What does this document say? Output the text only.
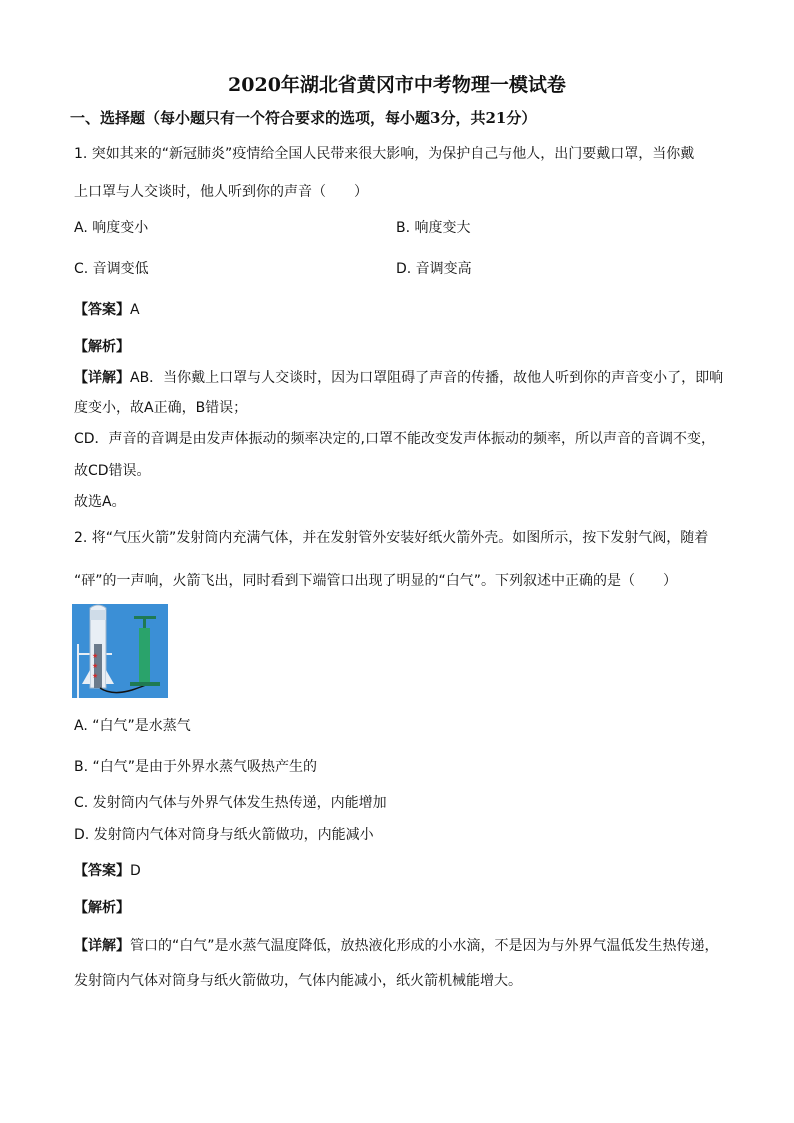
2020年湖北省黄冈市中考物理一模试卷
一、选择题（每小题只有一个符合要求的选项，每小题3分，共21分）
1. 突如其来的“新冠肺炎”疫情给全国人民带来很大影响，为保护自己与他人，出门要戴口罩，当你戴
上口罩与人交谈时，他人听到你的声音（　　）
A. 响度变小	B. 响度变大
C. 音调变低	D. 音调变高
【答案】A
【解析】
【详解】AB．当你戴上口罩与人交谈时，因为口罩阻碍了声音的传播，故他人听到你的声音变小了，即响
度变小，故A正确，B错误；
CD．声音的音调是由发声体振动的频率决定的,口罩不能改变发声体振动的频率，所以声音的音调不变，
故CD错误。
故选A。
2. 将“气压火箭”发射筒内充满气体，并在发射管外安装好纸火箭外壳。如图所示，按下发射气阀，随着
“砰”的一声响，火箭飞出，同时看到下端管口出现了明显的“白气”。下列叙述中正确的是（　　）
★
★
★
A. “白气”是水蒸气
B. “白气”是由于外界水蒸气吸热产生的
C. 发射筒内气体与外界气体发生热传递，内能增加
D. 发射筒内气体对筒身与纸火箭做功，内能减小
【答案】D
【解析】
【详解】管口的“白气”是水蒸气温度降低，放热液化形成的小水滴，不是因为与外界气温低发生热传递，
发射筒内气体对筒身与纸火箭做功，气体内能减小，纸火箭机械能增大。
